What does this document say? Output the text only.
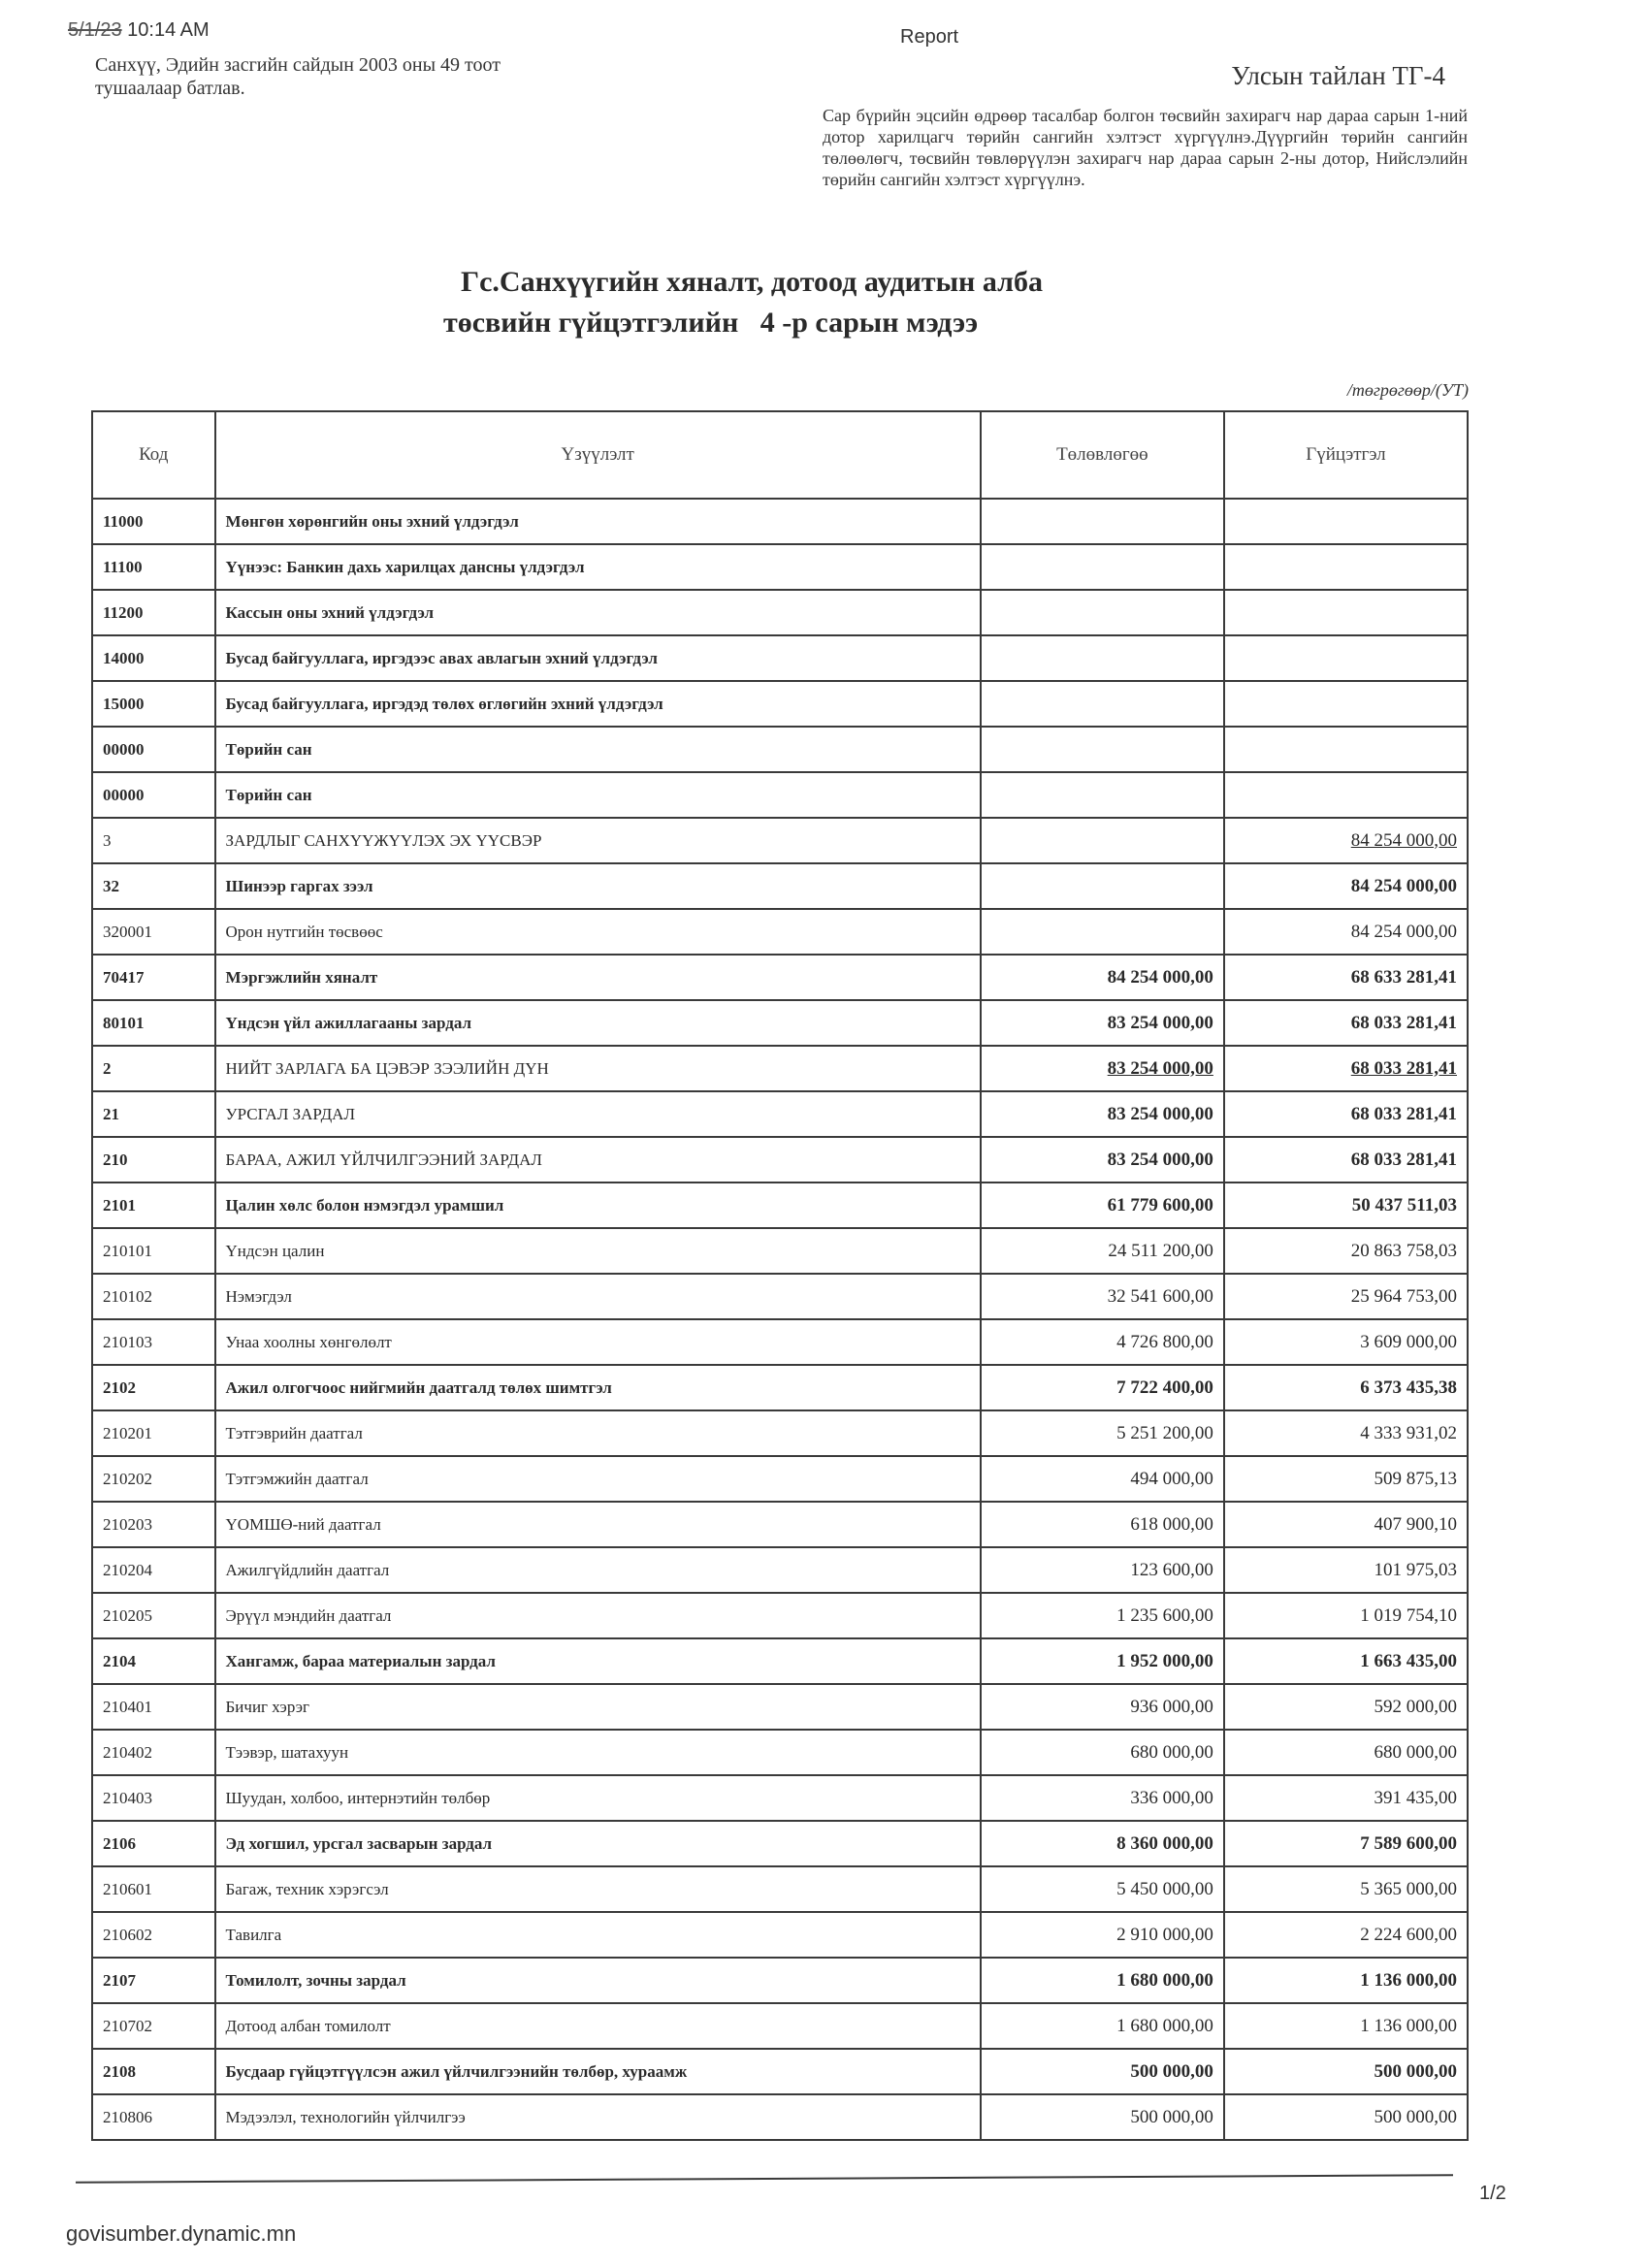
5/1/23 10:14 AM	Report
Санхүү, Эдийн засгийн сайдын 2003 оны 49 тоот
тушаалаар батлав.	Улсын тайлан ТГ-4
Сар бүрийн эцсийн өдрөөр тасалбар болгон төсвийн захирагч нар дараа сарын 1-ний дотор харилцагч төрийн сангийн хэлтэст хүргүүлнэ.Дүүргийн төрийн сангийн төлөөлөгч, төсвийн төвлөрүүлэн захирагч нар дараа сарын 2-ны дотор, Нийслэлийн төрийн сангийн хэлтэст хүргүүлнэ.
Гс.Санхүүгийн хяналт, дотоод аудитын алба
төсвийн гүйцэтгэлийн   4 -р сарын мэдээ
/төгрөгөөр/(УТ)
Код	Үзүүлэлт	Төлөвлөгөө	Гүйцэтгэл
11000	Мөнгөн хөрөнгийн оны эхний үлдэгдэл		
11100	Үүнээс: Банкин дахь харилцах дансны үлдэгдэл		
11200	Кассын оны эхний үлдэгдэл		
14000	Бусад байгууллага, иргэдээс авах авлагын эхний үлдэгдэл		
15000	Бусад байгууллага, иргэдэд төлөх өглөгийн эхний үлдэгдэл		
00000	Төрийн сан		
00000	Төрийн сан		
3	ЗАРДЛЫГ САНХҮҮЖҮҮЛЭХ ЭХ ҮҮСВЭР		84 254 000,00
32	Шинээр гаргах зээл		84 254 000,00
320001	Орон нутгийн төсвөөс		84 254 000,00
70417	Мэргэжлийн хяналт	84 254 000,00	68 633 281,41
80101	Үндсэн үйл ажиллагааны зардал	83 254 000,00	68 033 281,41
2	НИЙТ ЗАРЛАГА БА ЦЭВЭР ЗЭЭЛИЙН ДҮН	83 254 000,00	68 033 281,41
21	УРСГАЛ ЗАРДАЛ	83 254 000,00	68 033 281,41
210	БАРАА, АЖИЛ ҮЙЛЧИЛГЭЭНИЙ ЗАРДАЛ	83 254 000,00	68 033 281,41
2101	Цалин хөлс болон нэмэгдэл урамшил	61 779 600,00	50 437 511,03
210101	Үндсэн цалин	24 511 200,00	20 863 758,03
210102	Нэмэгдэл	32 541 600,00	25 964 753,00
210103	Унаа хоолны хөнгөлөлт	4 726 800,00	3 609 000,00
2102	Ажил олгогчоос нийгмийн даатгалд төлөх шимтгэл	7 722 400,00	6 373 435,38
210201	Тэтгэврийн даатгал	5 251 200,00	4 333 931,02
210202	Тэтгэмжийн даатгал	494 000,00	509 875,13
210203	ҮОМШӨ-ний даатгал	618 000,00	407 900,10
210204	Ажилгүйдлийн даатгал	123 600,00	101 975,03
210205	Эрүүл мэндийн даатгал	1 235 600,00	1 019 754,10
2104	Хангамж, бараа материалын зардал	1 952 000,00	1 663 435,00
210401	Бичиг хэрэг	936 000,00	592 000,00
210402	Тээвэр, шатахуун	680 000,00	680 000,00
210403	Шуудан, холбоо, интернэтийн төлбөр	336 000,00	391 435,00
2106	Эд хогшил, урсгал засварын зардал	8 360 000,00	7 589 600,00
210601	Багаж, техник хэрэгсэл	5 450 000,00	5 365 000,00
210602	Тавилга	2 910 000,00	2 224 600,00
2107	Томилолт, зочны зардал	1 680 000,00	1 136 000,00
210702	Дотоод албан томилолт	1 680 000,00	1 136 000,00
2108	Бусдаар гүйцэтгүүлсэн ажил үйлчилгээнийн төлбөр, хураамж	500 000,00	500 000,00
210806	Мэдээлэл, технологийн үйлчилгээ	500 000,00	500 000,00
govisumber.dynamic.mn
1/2
